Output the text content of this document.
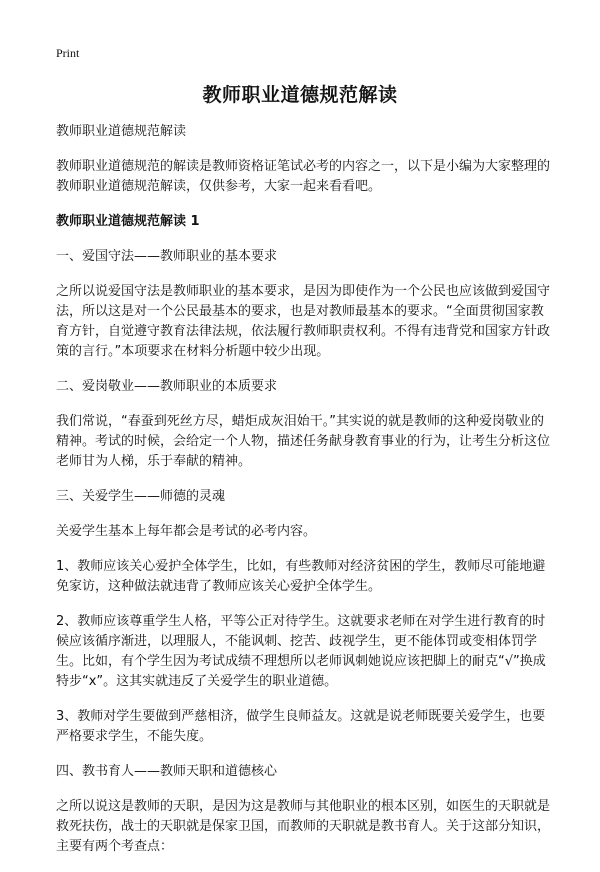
Print
教师职业道德规范解读

教师职业道德规范解读

教师职业道德规范的解读是教师资格证笔试必考的内容之一，以下是小编为大家整理的教师职业道德规范解读，仅供参考，大家一起来看看吧。

教师职业道德规范解读 1

一、爱国守法——教师职业的基本要求

之所以说爱国守法是教师职业的基本要求，是因为即使作为一个公民也应该做到爱国守法，所以这是对一个公民最基本的要求，也是对教师最基本的要求。“全面贯彻国家教育方针，自觉遵守教育法律法规，依法履行教师职责权利。不得有违背党和国家方针政策的言行。”本项要求在材料分析题中较少出现。

二、爱岗敬业——教师职业的本质要求

我们常说，“春蚕到死丝方尽，蜡炬成灰泪始干。”其实说的就是教师的这种爱岗敬业的精神。考试的时候，会给定一个人物，描述任务献身教育事业的行为，让考生分析这位老师甘为人梯，乐于奉献的精神。

三、关爱学生——师德的灵魂

关爱学生基本上每年都会是考试的必考内容。

1、教师应该关心爱护全体学生，比如，有些教师对经济贫困的学生，教师尽可能地避免家访，这种做法就违背了教师应该关心爱护全体学生。

2、教师应该尊重学生人格，平等公正对待学生。这就要求老师在对学生进行教育的时候应该循序渐进，以理服人，不能讽刺、挖苦、歧视学生，更不能体罚或变相体罚学生。比如，有个学生因为考试成绩不理想所以老师讽刺她说应该把脚上的耐克“√”换成特步“x”。这其实就违反了关爱学生的职业道德。

3、教师对学生要做到严慈相济，做学生良师益友。这就是说老师既要关爱学生，也要严格要求学生，不能失度。

四、教书育人——教师天职和道德核心

之所以说这是教师的天职，是因为这是教师与其他职业的根本区别，如医生的天职就是救死扶伤，战士的天职就是保家卫国，而教师的天职就是教书育人。关于这部分知识，主要有两个考查点：
